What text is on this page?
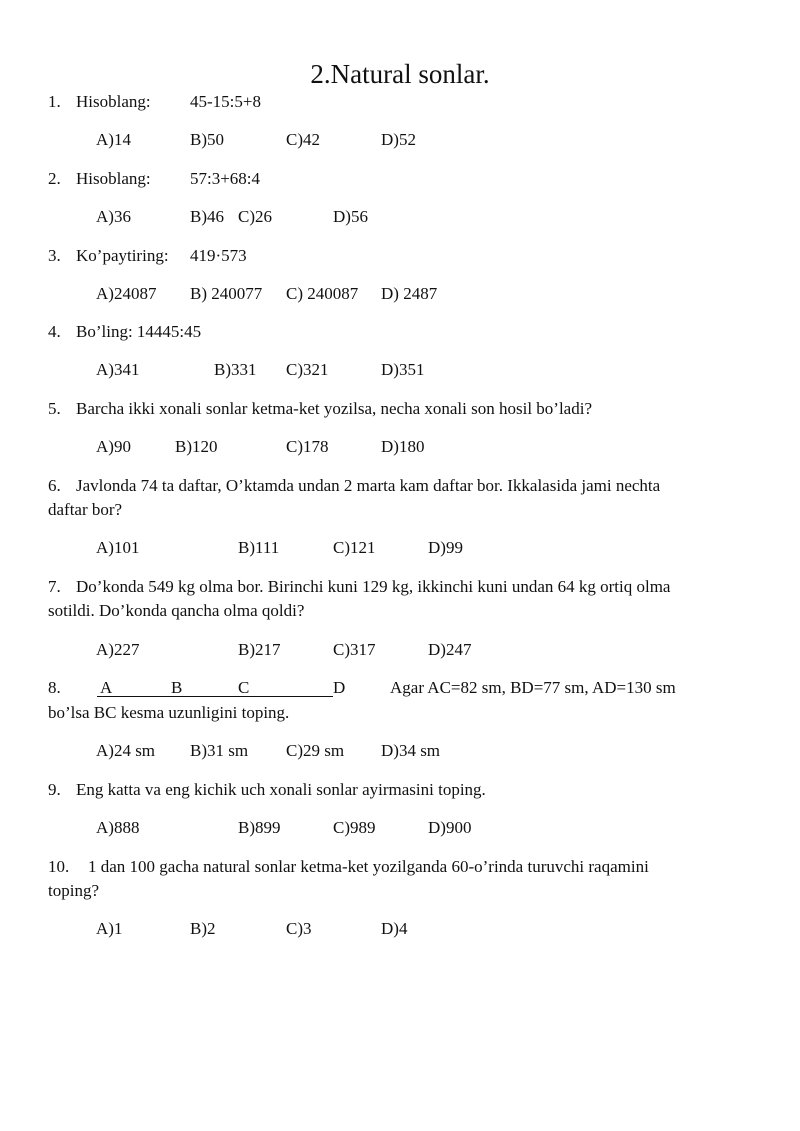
2.Natural sonlar.
1. Hisoblang: 45-15:5+8
A)14	B)50	C)42	D)52
2. Hisoblang: 57:3+68:4
A)36	B)46 C)26	D)56
3. Ko’paytiring: 419·573
A)24087 B) 240077 C) 240087 D) 2487
4. Bo’ling: 14445:45
A)341	B)331 C)321	D)351
5. Barcha ikki xonali sonlar ketma-ket yozilsa, necha xonali son hosil bo’ladi?
A)90	B)120	C)178	D)180
6. Javlonda 74 ta daftar, O’ktamda undan 2 marta kam daftar bor. Ikkalasida jami nechta
daftar bor?
A)101	B)111	C)121	D)99
7. Do’konda 549 kg olma bor. Birinchi kuni 129 kg, ikkinchi kuni undan 64 kg ortiq olma
sotildi. Do’konda qancha olma qoldi?
A)227	B)217	C)317	D)247
8. A	B	C	D	Agar AC=82 sm, BD=77 sm, AD=130 sm
bo’lsa BC kesma uzunligini toping.
A)24 sm B)31 sm C)29 sm D)34 sm
9. Eng katta va eng kichik uch xonali sonlar ayirmasini toping.
A)888	B)899	C)989	D)900
10. 1 dan 100 gacha natural sonlar ketma-ket yozilganda 60-o’rinda turuvchi raqamini
toping?
A)1	B)2	C)3	D)4
